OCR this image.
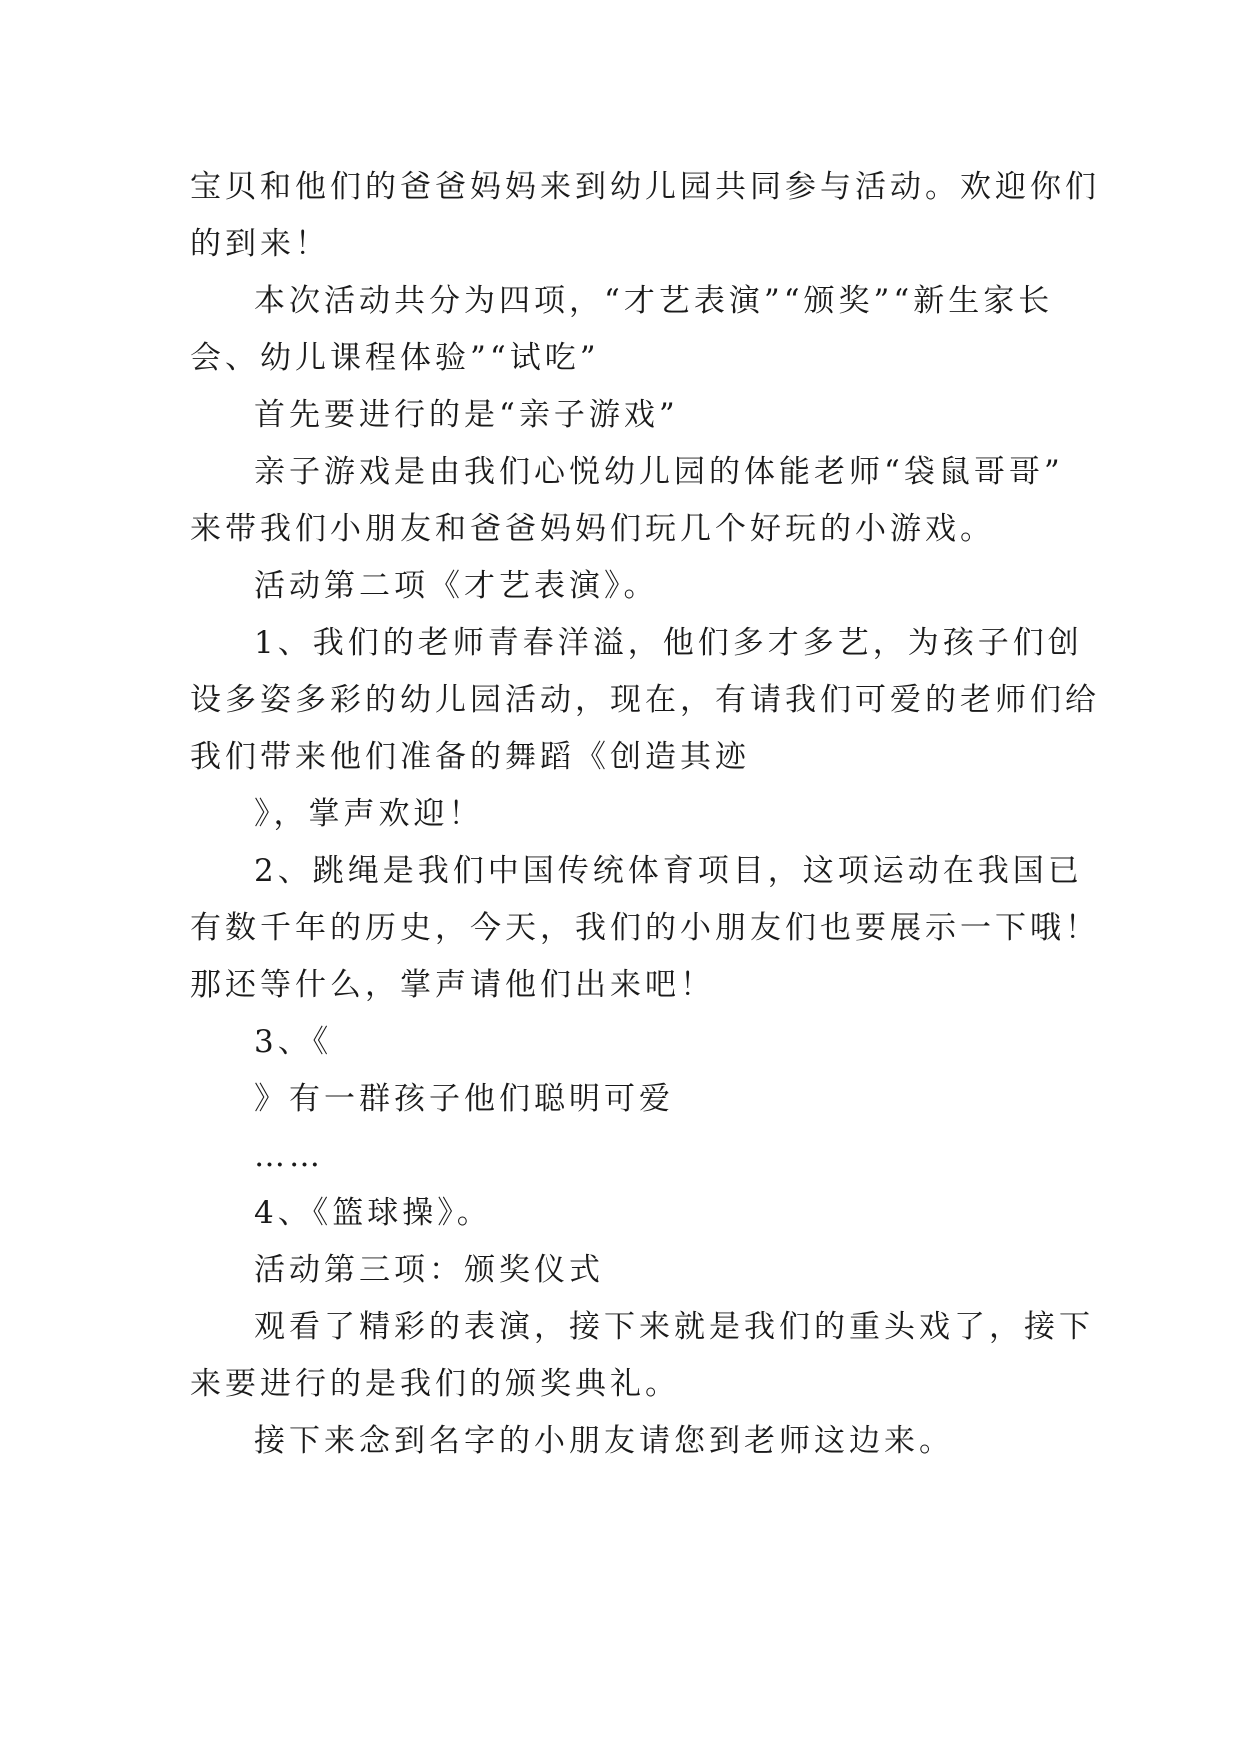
宝贝和他们的爸爸妈妈来到幼儿园共同参与活动。欢迎你们
的到来！
本次活动共分为四项，“才艺表演”“颁奖”“新生家长
会、幼儿课程体验”“试吃”
首先要进行的是“亲子游戏”
亲子游戏是由我们心悦幼儿园的体能老师“袋鼠哥哥”
来带我们小朋友和爸爸妈妈们玩几个好玩的小游戏。
活动第二项《才艺表演》。
1、我们的老师青春洋溢，他们多才多艺，为孩子们创
设多姿多彩的幼儿园活动，现在，有请我们可爱的老师们给
我们带来他们准备的舞蹈《创造其迹
》，掌声欢迎！
2、跳绳是我们中国传统体育项目，这项运动在我国已
有数千年的历史，今天，我们的小朋友们也要展示一下哦！
那还等什么，掌声请他们出来吧！
3、《
》有一群孩子他们聪明可爱
……
4、《篮球操》。
活动第三项：颁奖仪式
观看了精彩的表演，接下来就是我们的重头戏了，接下
来要进行的是我们的颁奖典礼。
接下来念到名字的小朋友请您到老师这边来。
